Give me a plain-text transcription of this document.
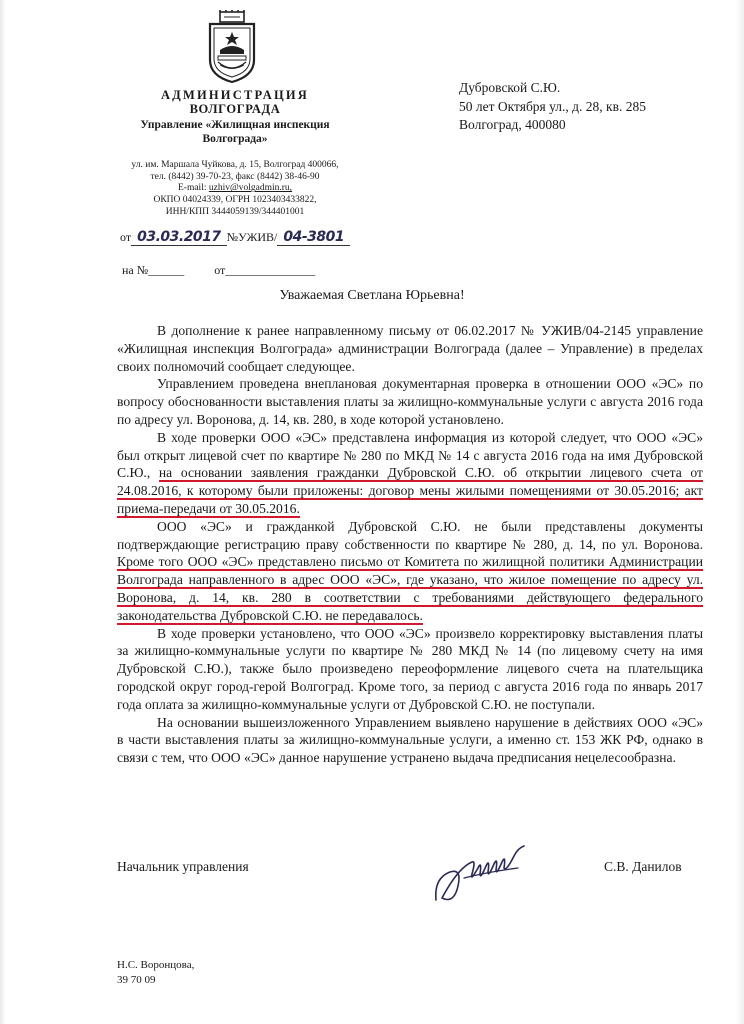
АДМИНИСТРАЦИЯ
ВОЛГОГРАДА
Управление «Жилищная инспекция
Волгограда»
ул. им. Маршала Чуйкова, д. 15, Волгоград 400066,
тел. (8442) 39-70-23, факс (8442) 38-46-90
E-mail: uzhiv@volgadmin.ru,
ОКПО 04024339, ОГРН 1023403433822,
ИНН/КПП 3444059139/344401001
от 03.03.2017 №УЖИВ/ 04-3801
на №______	от_______________
Дубровской С.Ю.
50 лет Октября ул., д. 28, кв. 285
Волгоград, 400080
Уважаемая Светлана Юрьевна!

В дополнение к ранее направленному письму от 06.02.2017 № УЖИВ/04-2145 управление «Жилищная инспекция Волгограда» администрации Волгограда (далее – Управление) в пределах своих полномочий сообщает следующее.

Управлением проведена внеплановая документарная проверка в отношении ООО «ЭС» по вопросу обоснованности выставления платы за жилищно-коммунальные услуги с августа 2016 года по адресу ул. Воронова, д. 14, кв. 280, в ходе которой установлено.

В ходе проверки ООО «ЭС» представлена информация из которой следует, что ООО «ЭС» был открыт лицевой счет по квартире № 280 по МКД № 14 с августа 2016 года на имя Дубровской С.Ю., на основании заявления гражданки Дубровской С.Ю. об открытии лицевого счета от 24.08.2016, к которому были приложены: договор мены жилыми помещениями от 30.05.2016; акт приема-передачи от 30.05.2016.

ООО «ЭС» и гражданкой Дубровской С.Ю. не были представлены документы подтверждающие регистрацию праву собственности по квартире № 280, д. 14, по ул. Воронова. Кроме того ООО «ЭС» представлено письмо от Комитета по жилищной политики Администрации Волгограда направленного в адрес ООО «ЭС», где указано, что жилое помещение по адресу ул. Воронова, д. 14, кв. 280 в соответствии с требованиями действующего федерального законодательства Дубровской С.Ю. не передавалось.

В ходе проверки установлено, что ООО «ЭС» произвело корректировку выставления платы за жилищно-коммунальные услуги по квартире № 280 МКД № 14 (по лицевому счету на имя Дубровской С.Ю.), также было произведено переоформление лицевого счета на плательщика городской округ город-герой Волгоград. Кроме того, за период с августа 2016 года по январь 2017 года оплата за жилищно-коммунальные услуги от Дубровской С.Ю. не поступали.

На основании вышеизложенного Управлением выявлено нарушение в действиях ООО «ЭС» в части выставления платы за жилищно-коммунальные услуги, а именно ст. 153 ЖК РФ, однако в связи с тем, что ООО «ЭС» данное нарушение устранено выдача предписания нецелесообразна.

Начальник управления	С.В. Данилов
Н.С. Воронцова,
39 70 09
